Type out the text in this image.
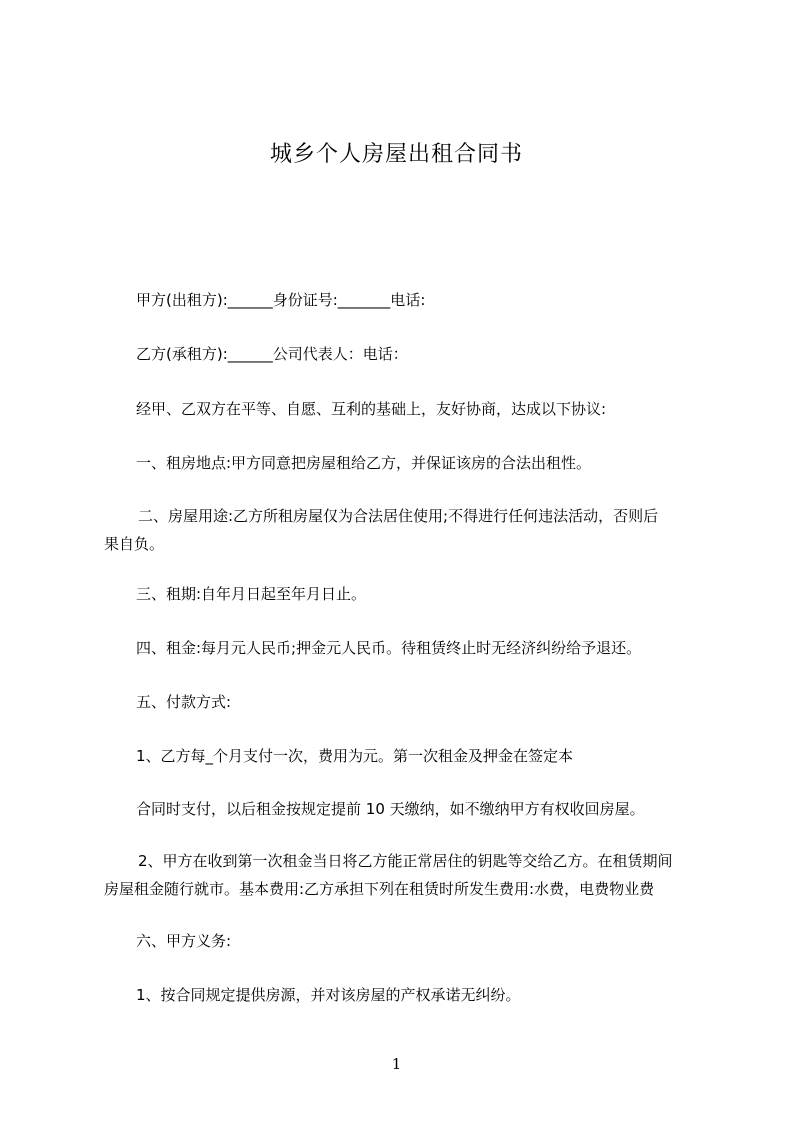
城乡个人房屋出租合同书
甲方(出租方):______身份证号:_______电话:
乙方(承租方):______公司代表人：电话：
经甲、乙双方在平等、自愿、互利的基础上，友好协商，达成以下协议:
一、租房地点:甲方同意把房屋租给乙方，并保证该房的合法出租性。
二、房屋用途:乙方所租房屋仅为合法居住使用;不得进行任何违法活动，否则后
果自负。
三、租期:自年月日起至年月日止。
四、租金:每月元人民币;押金元人民币。待租赁终止时无经济纠纷给予退还。
五、付款方式:
1、乙方每_个月支付一次，费用为元。第一次租金及押金在签定本
合同时支付，以后租金按规定提前 10 天缴纳，如不缴纳甲方有权收回房屋。
2、甲方在收到第一次租金当日将乙方能正常居住的钥匙等交给乙方。在租赁期间
房屋租金随行就市。基本费用:乙方承担下列在租赁时所发生费用:水费，电费物业费
六、甲方义务:
1、按合同规定提供房源，并对该房屋的产权承诺无纠纷。
1
